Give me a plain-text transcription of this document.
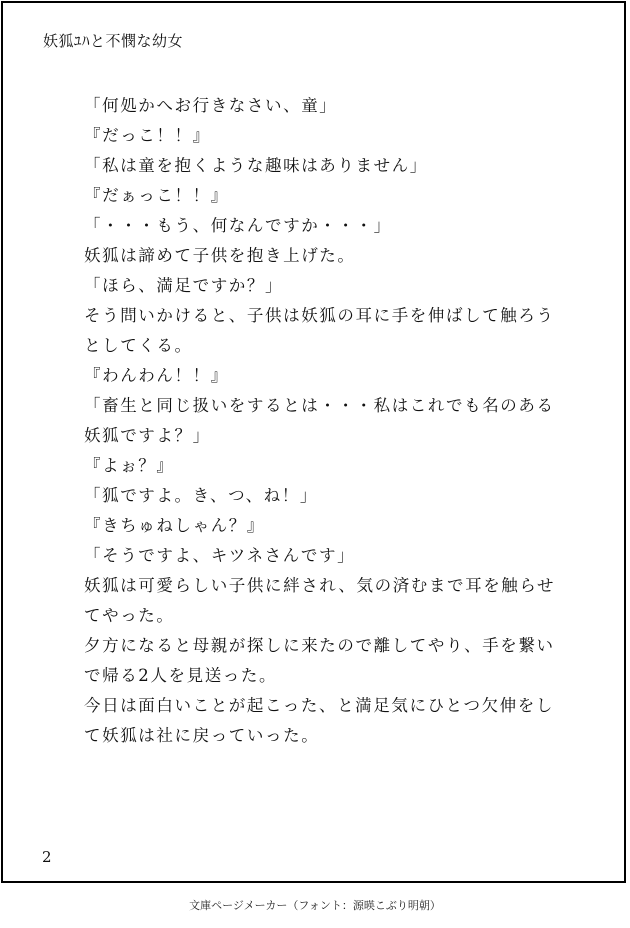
妖狐ﾕﾊと不憫な幼女
「何処かへお行きなさい、童」
『だっこ！！』
「私は童を抱くような趣味はありません」
『だぁっこ！！』
「・・・もう、何なんですか・・・」
妖狐は諦めて子供を抱き上げた。
「ほら、満足ですか？」
そう問いかけると、子供は妖狐の耳に手を伸ばして触ろう
としてくる。
『わんわん！！』
「畜生と同じ扱いをするとは・・・私はこれでも名のある
妖狐ですよ？」
『よぉ？』
「狐ですよ。き、つ、ね！」
『きちゅねしゃん？』
「そうですよ、キツネさんです」
妖狐は可愛らしい子供に絆され、気の済むまで耳を触らせ
てやった。
夕方になると母親が探しに来たので離してやり、手を繋い
で帰る2人を見送った。
今日は面白いことが起こった、と満足気にひとつ欠伸をし
て妖狐は社に戻っていった。
2
文庫ページメーカー（フォント：源暎こぶり明朝）
